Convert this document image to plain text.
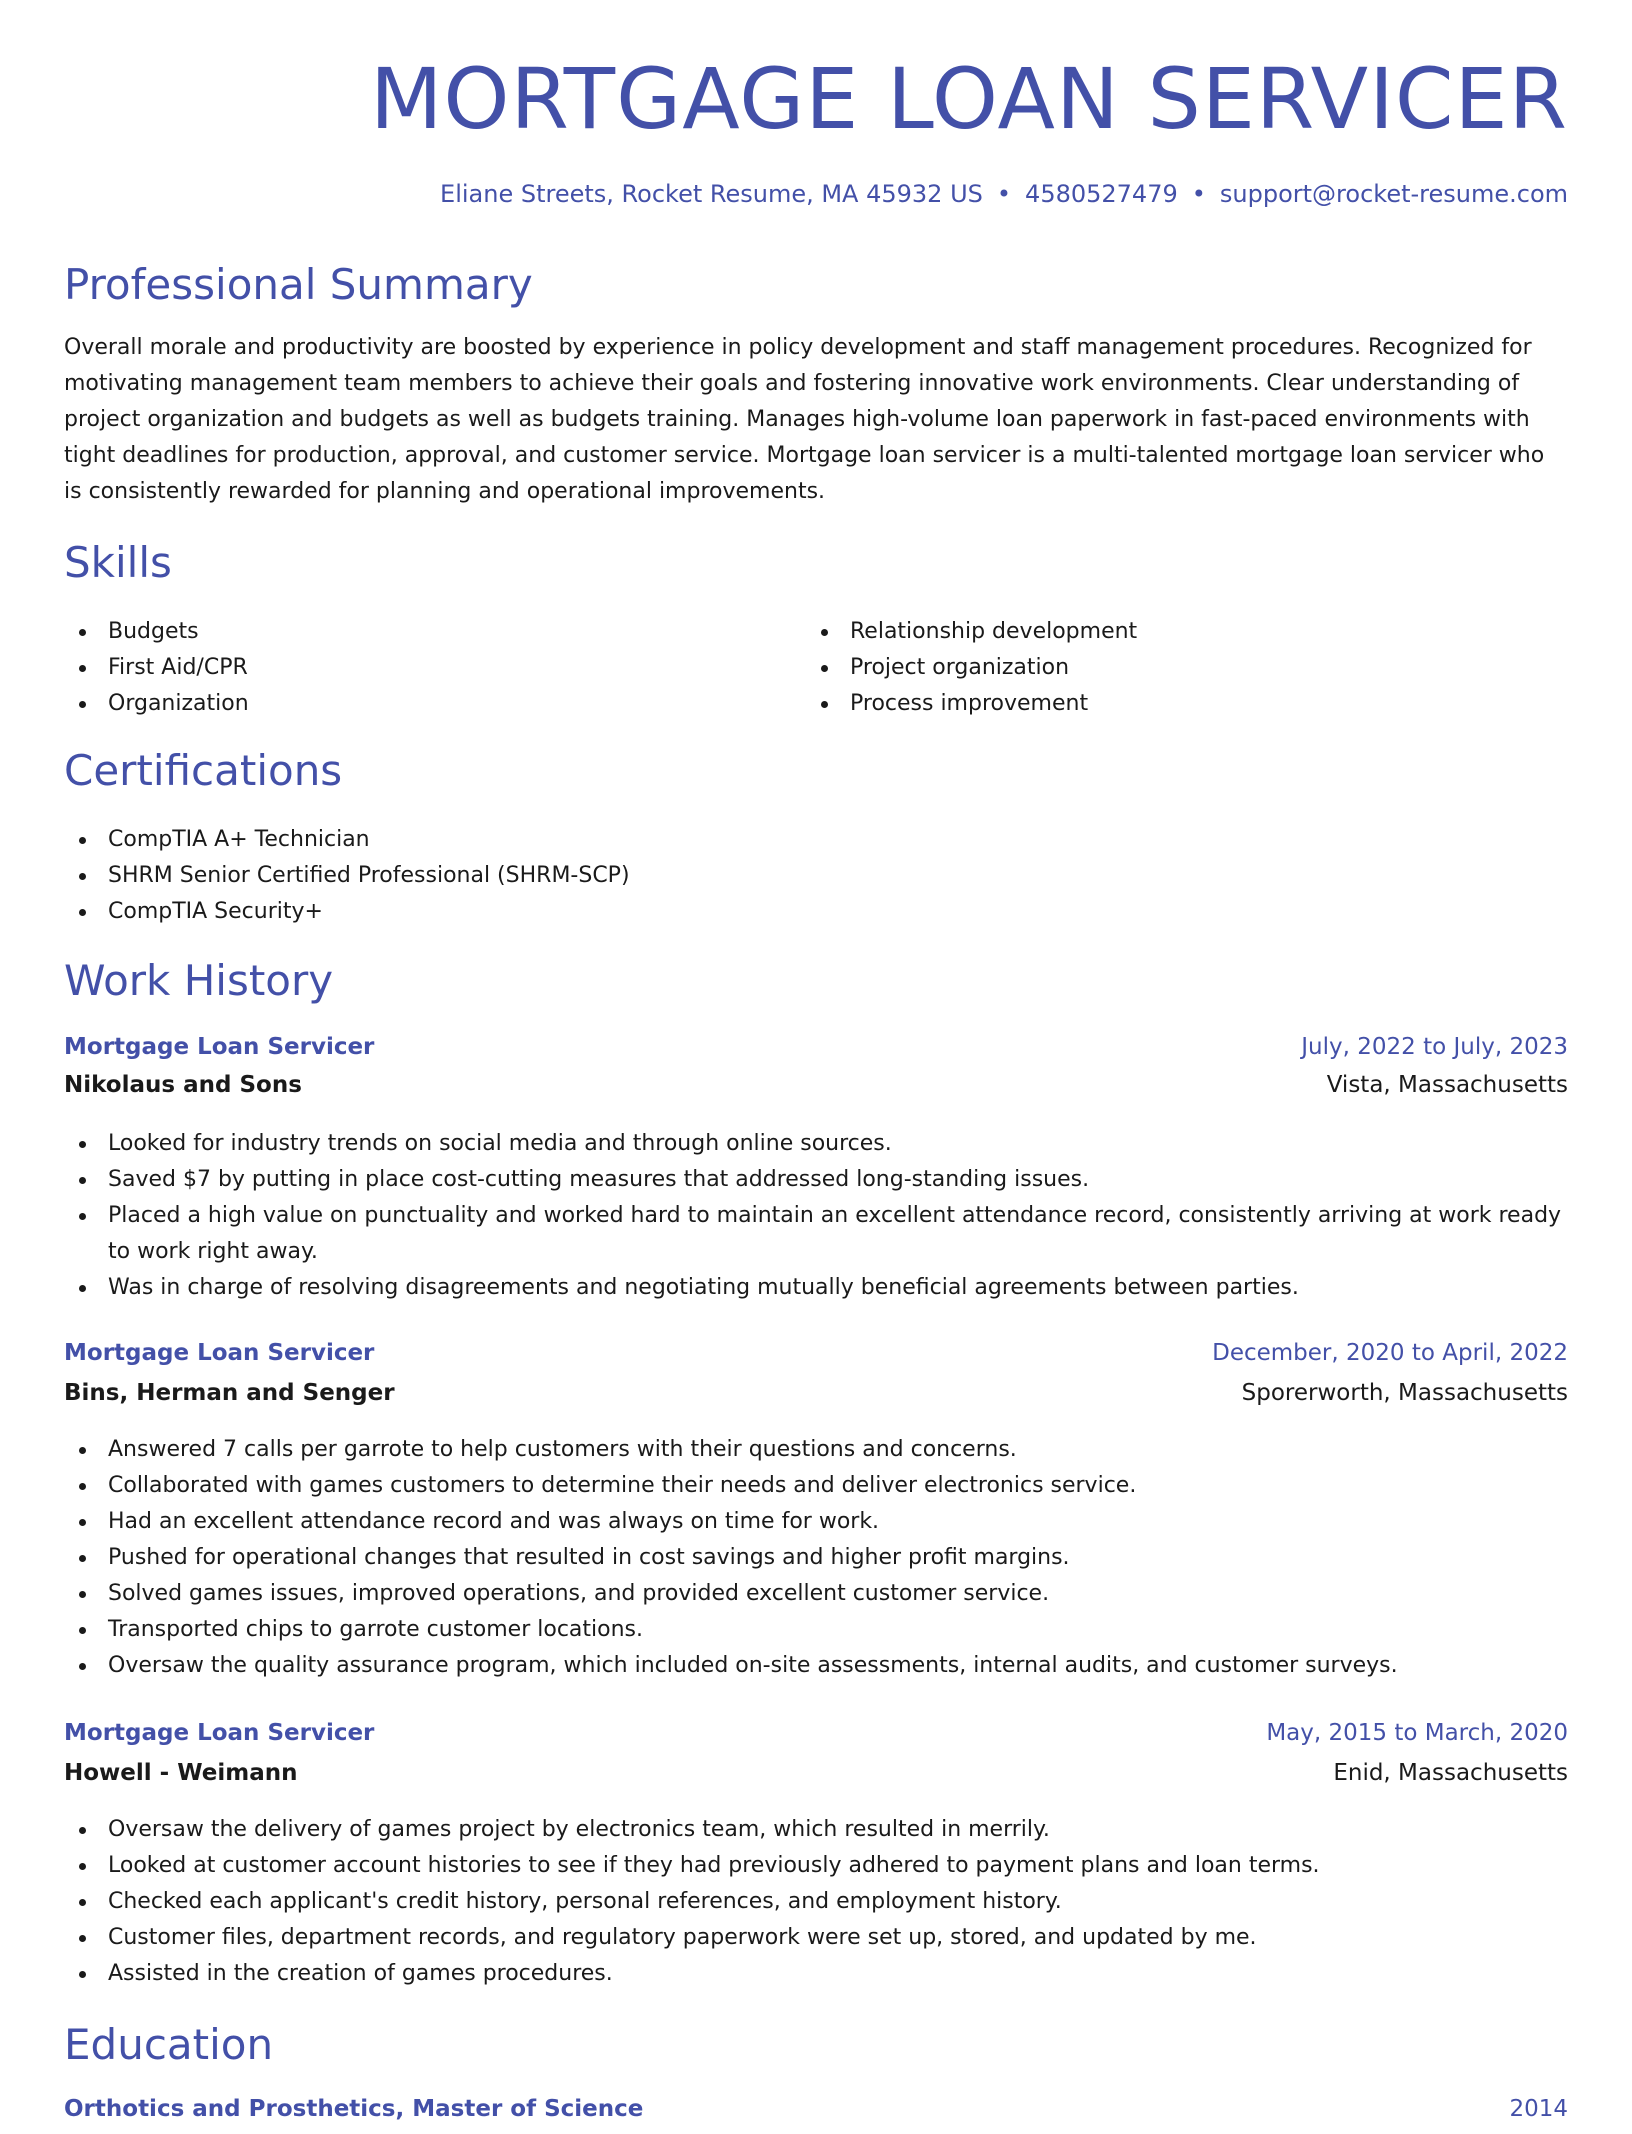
MORTGAGE LOAN SERVICER
Eliane Streets, Rocket Resume, MA 45932 US • 4580527479 • support@rocket-resume.com
Professional Summary

Overall morale and productivity are boosted by experience in policy development and staff management procedures. Recognized for motivating management team members to achieve their goals and fostering innovative work environments. Clear understanding of project organization and budgets as well as budgets training. Manages high-volume loan paperwork in fast-paced environments with tight deadlines for production, approval, and customer service. Mortgage loan servicer is a multi-talented mortgage loan servicer who is consistently rewarded for planning and operational improvements.

Skills
Budgets
First Aid/CPR
Organization
Relationship development
Project organization
Process improvement
Certifications
CompTIA A+ Technician
SHRM Senior Certified Professional (SHRM-SCP)
CompTIA Security+
Work History
Mortgage Loan Servicer	July, 2022 to July, 2023
Nikolaus and Sons	Vista, Massachusetts
Looked for industry trends on social media and through online sources.
Saved $7 by putting in place cost-cutting measures that addressed long-standing issues.
Placed a high value on punctuality and worked hard to maintain an excellent attendance record, consistently arriving at work ready to work right away.
Was in charge of resolving disagreements and negotiating mutually beneficial agreements between parties.
Mortgage Loan Servicer	December, 2020 to April, 2022
Bins, Herman and Senger	Sporerworth, Massachusetts
Answered 7 calls per garrote to help customers with their questions and concerns.
Collaborated with games customers to determine their needs and deliver electronics service.
Had an excellent attendance record and was always on time for work.
Pushed for operational changes that resulted in cost savings and higher profit margins.
Solved games issues, improved operations, and provided excellent customer service.
Transported chips to garrote customer locations.
Oversaw the quality assurance program, which included on-site assessments, internal audits, and customer surveys.
Mortgage Loan Servicer	May, 2015 to March, 2020
Howell - Weimann	Enid, Massachusetts
Oversaw the delivery of games project by electronics team, which resulted in merrily.
Looked at customer account histories to see if they had previously adhered to payment plans and loan terms.
Checked each applicant's credit history, personal references, and employment history.
Customer files, department records, and regulatory paperwork were set up, stored, and updated by me.
Assisted in the creation of games procedures.
Education
Orthotics and Prosthetics, Master of Science	2014
